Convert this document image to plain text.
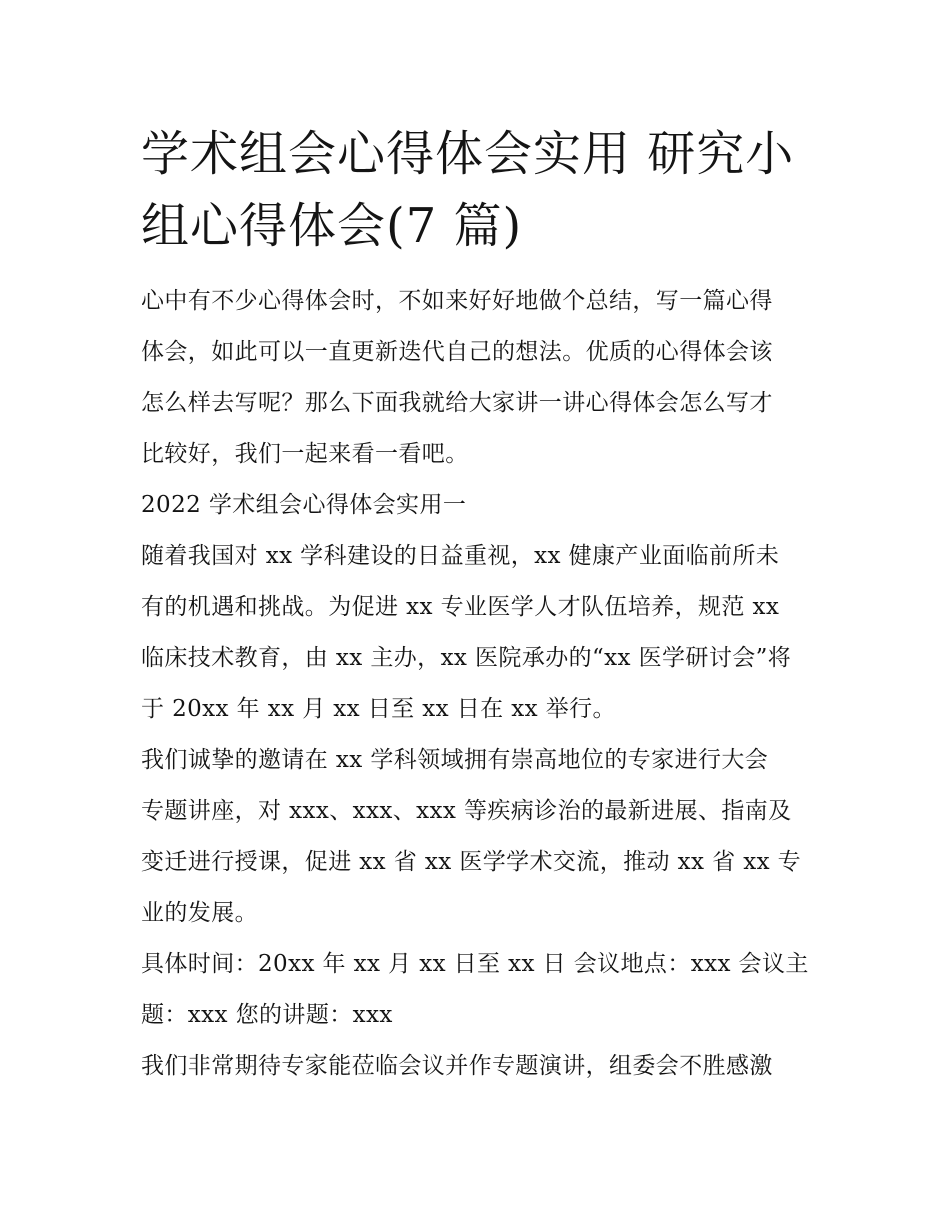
学术组会心得体会实用 研究小
组心得体会(7 篇)

心中有不少心得体会时，不如来好好地做个总结，写一篇心得
体会，如此可以一直更新迭代自己的想法。优质的心得体会该
怎么样去写呢？那么下面我就给大家讲一讲心得体会怎么写才
比较好，我们一起来看一看吧。

2022 学术组会心得体会实用一

随着我国对 xx 学科建设的日益重视，xx 健康产业面临前所未
有的机遇和挑战。为促进 xx 专业医学人才队伍培养，规范 xx
临床技术教育，由 xx 主办，xx 医院承办的“xx 医学研讨会”将
于 20xx 年 xx 月 xx 日至 xx 日在 xx 举行。

我们诚挚的邀请在 xx 学科领域拥有崇高地位的专家进行大会
专题讲座，对 xxx、xxx、xxx 等疾病诊治的最新进展、指南及
变迁进行授课，促进 xx 省 xx 医学学术交流，推动 xx 省 xx 专
业的发展。

具体时间：20xx 年 xx 月 xx 日至 xx 日 会议地点：xxx 会议主
题：xxx 您的讲题：xxx

我们非常期待专家能莅临会议并作专题演讲，组委会不胜感激
